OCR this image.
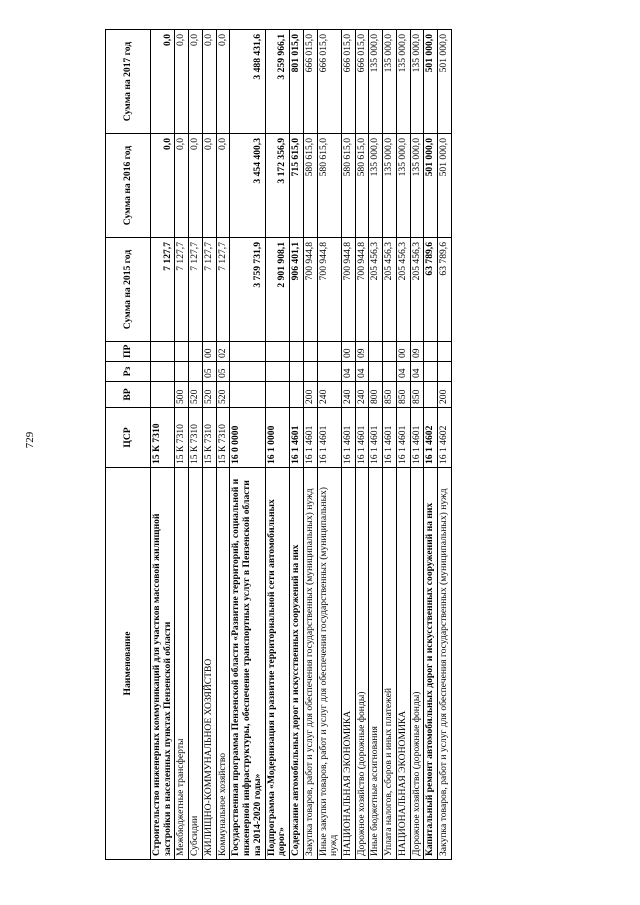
729
Наименование	ЦСР	ВР	Рз	ПР	Сумма на 2015 год	Сумма на 2016 год	Сумма на 2017 год
Строительство инженерных коммуникаций для участков массовой жилищной застройки в населенных пунктах Пензенской области	15 К 7310				7 127,7	0,0	0,0
Межбюджетные трансферты	15 К 7310	500			7 127,7	0,0	0,0
Субсидии	15 К 7310	520			7 127,7	0,0	0,0
ЖИЛИЩНО-КОММУНАЛЬНОЕ ХОЗЯЙСТВО	15 К 7310	520	05	00	7 127,7	0,0	0,0
Коммунальное хозяйство	15 К 7310	520	05	02	7 127,7	0,0	0,0
Государственная программа Пензенской области «Развитие территорий, социальной и инженерной инфраструктуры, обеспечение транспортных услуг в Пензенской области на 2014-2020 годы»	16 0 0000				3 759 731,9	3 454 400,3	3 488 431,6
Подпрограмма «Модернизация и развитие территориальной сети автомобильных дорог»	16 1 0000				2 901 908,1	3 172 356,9	3 259 966,1
Содержание автомобильных дорог и искусственных сооружений на них	16 1 4601				906 401,1	715 615,0	801 015,0
Закупка товаров, работ и услуг для обеспечения государственных (муниципальных) нужд	16 1 4601	200			700 944,8	580 615,0	666 015,0
Иные закупки товаров, работ и услуг для обеспечения государственных (муниципальных) нужд	16 1 4601	240			700 944,8	580 615,0	666 015,0
НАЦИОНАЛЬНАЯ ЭКОНОМИКА	16 1 4601	240	04	00	700 944,8	580 615,0	666 015,0
Дорожное хозяйство (дорожные фонды)	16 1 4601	240	04	09	700 944,8	580 615,0	666 015,0
Иные бюджетные ассигнования	16 1 4601	800			205 456,3	135 000,0	135 000,0
Уплата налогов, сборов и иных платежей	16 1 4601	850			205 456,3	135 000,0	135 000,0
НАЦИОНАЛЬНАЯ ЭКОНОМИКА	16 1 4601	850	04	00	205 456,3	135 000,0	135 000,0
Дорожное хозяйство (дорожные фонды)	16 1 4601	850	04	09	205 456,3	135 000,0	135 000,0
Капитальный ремонт автомобильных дорог и искусственных сооружений на них	16 1 4602				63 789,6	501 000,0	501 000,0
Закупка товаров, работ и услуг для обеспечения государственных (муниципальных) нужд	16 1 4602	200			63 789,6	501 000,0	501 000,0
